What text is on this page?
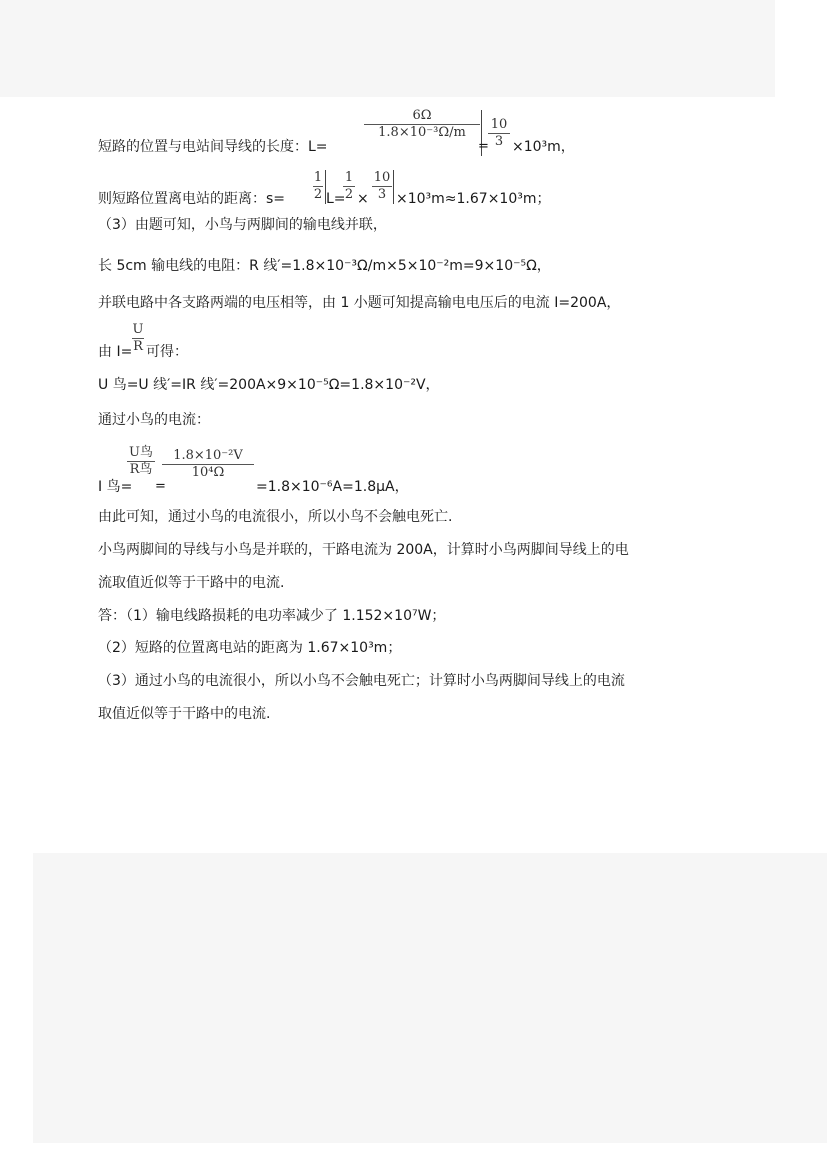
短路的位置与电站间导线的长度：L=
$\frac{6\Omega}{\text{1.8×10⁻³Ω/m}}$
= $\frac{10}{3} \times 10^3m$，
则短路位置离电站的距离：$s= \frac{1}{2} L=$
$\frac{1}{2} \times \frac{10}{3} \times 10^3m\approx 1.67\times 10^3m$；
（3）由题可知，小鸟与两脚间的输电线并联，
长 5cm 输电线的电阻：R 线′=1.8×10⁻³Ω/m×5×10⁻²m=9×10⁻⁵Ω，
并联电路中各支路两端的电压相等，由 1 小题可知提高输电电压后的电流 I=200A，
由 $I= \frac{U}{R}$ 可得：
U 鸟=U 线′=IR 线′=200A×9×10⁻⁵Ω=1.8×10⁻²V，
通过小鸟的电流：
I 鸟=
U鸟
R鸟
=
$\frac{\text{1.8×10⁻²V}}{\text{10⁴Ω}}$
=1.8×10⁻⁶A=1.8μA，
由此可知，通过小鸟的电流很小，所以小鸟不会触电死亡.
小鸟两脚间的导线与小鸟是并联的，干路电流为 200A，计算时小鸟两脚间导线上的电
流取值近似等于干路中的电流.
答：（1）输电线路损耗的电功率减少了 1.152×10⁷W；
（2）短路的位置离电站的距离为 1.67×10³m；
（3）通过小鸟的电流很小，所以小鸟不会触电死亡；计算时小鸟两脚间导线上的电流
取值近似等于干路中的电流.
